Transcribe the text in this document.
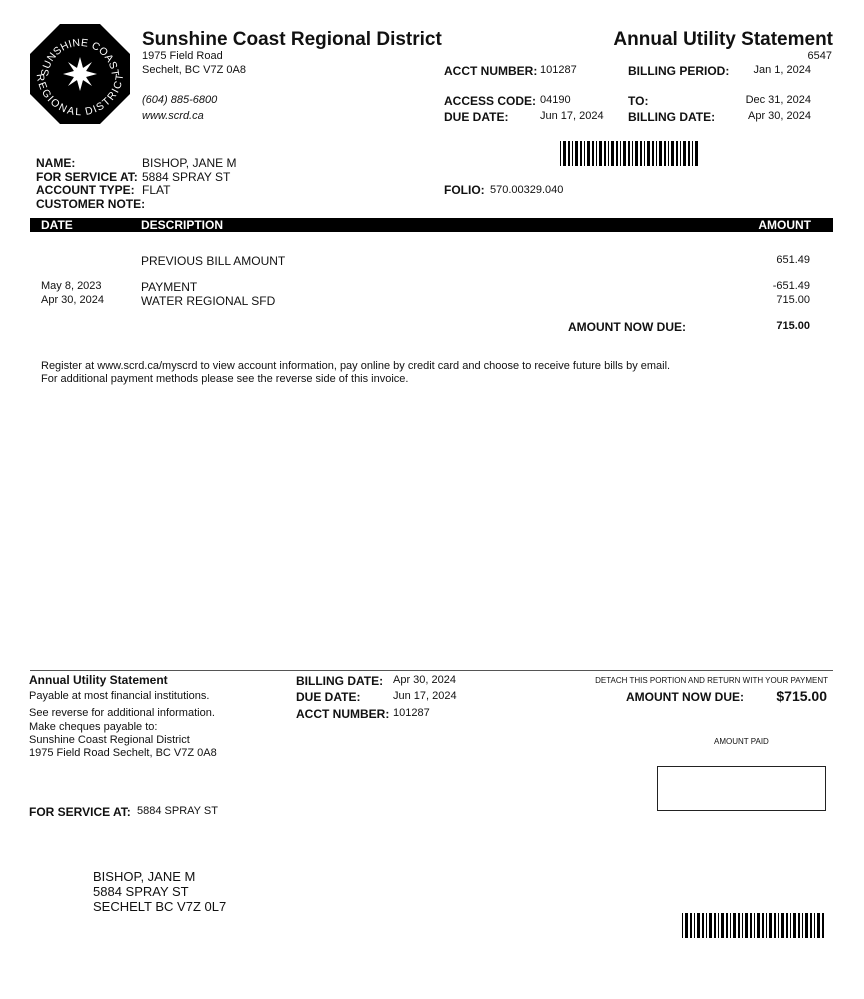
SUNSHINE COAST
REGIONAL DISTRICT
Sunshine Coast Regional District
1975 Field Road
Sechelt, BC V7Z 0A8
(604) 885-6800
www.scrd.ca
Annual Utility Statement
6547
ACCT NUMBER: 101287	BILLING PERIOD: Jan 1, 2024
ACCESS CODE: 04190	TO:	Dec 31, 2024
DUE DATE:	Jun 17, 2024 BILLING DATE:	Apr 30, 2024
FOLIO: 570.00329.040
NAME:	BISHOP, JANE M
FOR SERVICE AT: 5884 SPRAY ST
ACCOUNT TYPE: FLAT
CUSTOMER NOTE:
DATE	DESCRIPTION	AMOUNT
PREVIOUS BILL AMOUNT	651.49
May 8, 2023	PAYMENT	-651.49
Apr 30, 2024	WATER REGIONAL SFD	715.00
AMOUNT NOW DUE:	715.00
Register at www.scrd.ca/myscrd to view account information, pay online by credit card and choose to receive future bills by email.
For additional payment methods please see the reverse side of this invoice.
Annual Utility Statement
Payable at most financial institutions.
See reverse for additional information.
Make cheques payable to:
Sunshine Coast Regional District
1975 Field Road Sechelt, BC V7Z 0A8
BILLING DATE: Apr 30, 2024
DUE DATE:	Jun 17, 2024
ACCT NUMBER: 101287
DETACH THIS PORTION AND RETURN WITH YOUR PAYMENT
AMOUNT NOW DUE: $715.00
AMOUNT PAID
FOR SERVICE AT: 5884 SPRAY ST
BISHOP, JANE M
5884 SPRAY ST
SECHELT BC V7Z 0L7
